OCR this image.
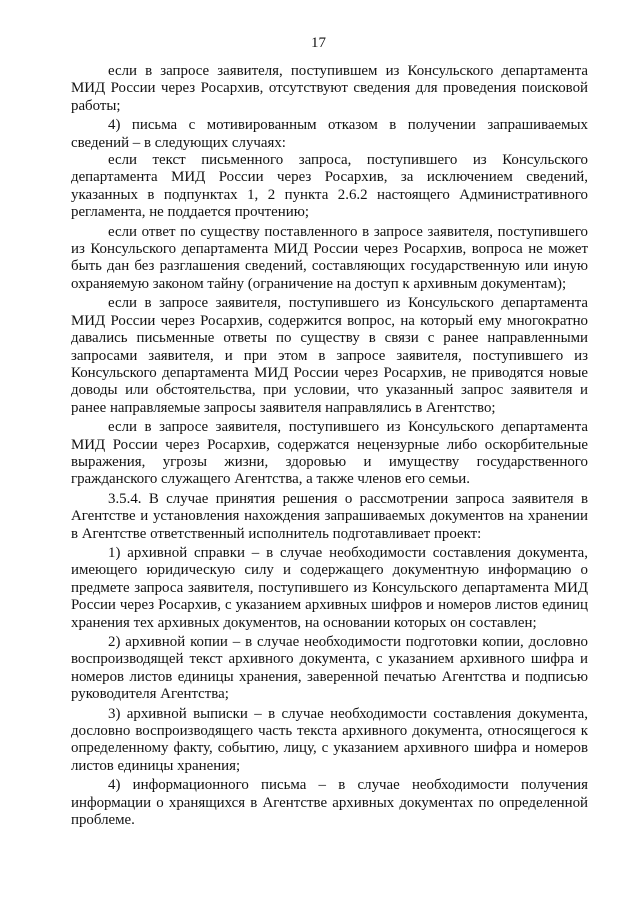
17

если в запросе заявителя, поступившем из Консульского департамента МИД России через Росархив, отсутствуют сведения для проведения поисковой работы;

4) письма с мотивированным отказом в получении запрашиваемых сведений – в следующих случаях:

если текст письменного запроса, поступившего из Консульского департамента МИД России через Росархив, за исключением сведений, указанных в подпунктах 1, 2 пункта 2.6.2 настоящего Административного регламента, не поддается прочтению;

если ответ по существу поставленного в запросе заявителя, поступившего из Консульского департамента МИД России через Росархив, вопроса не может быть дан без разглашения сведений, составляющих государственную или иную охраняемую законом тайну (ограничение на доступ к архивным документам);

если в запросе заявителя, поступившего из Консульского департамента МИД России через Росархив, содержится вопрос, на который ему многократно давались письменные ответы по существу в связи с ранее направленными запросами заявителя, и при этом в запросе заявителя, поступившего из Консульского департамента МИД России через Росархив, не приводятся новые доводы или обстоятельства, при условии, что указанный запрос заявителя и ранее направляемые запросы заявителя направлялись в Агентство;

если в запросе заявителя, поступившего из Консульского департамента МИД России через Росархив, содержатся нецензурные либо оскорбительные выражения, угрозы жизни, здоровью и имуществу государственного гражданского служащего Агентства, а также членов его семьи.

3.5.4. В случае принятия решения о рассмотрении запроса заявителя в Агентстве и установления нахождения запрашиваемых документов на хранении в Агентстве ответственный исполнитель подготавливает проект:

1) архивной справки – в случае необходимости составления документа, имеющего юридическую силу и содержащего документную информацию о предмете запроса заявителя, поступившего из Консульского департамента МИД России через Росархив, с указанием архивных шифров и номеров листов единиц хранения тех архивных документов, на основании которых он составлен;

2) архивной копии – в случае необходимости подготовки копии, дословно воспроизводящей текст архивного документа, с указанием архивного шифра и номеров листов единицы хранения, заверенной печатью Агентства и подписью руководителя Агентства;

3) архивной выписки – в случае необходимости составления документа, дословно воспроизводящего часть текста архивного документа, относящегося к определенному факту, событию, лицу, с указанием архивного шифра и номеров листов единицы хранения;

4) информационного письма – в случае необходимости получения информации о хранящихся в Агентстве архивных документах по определенной проблеме.
